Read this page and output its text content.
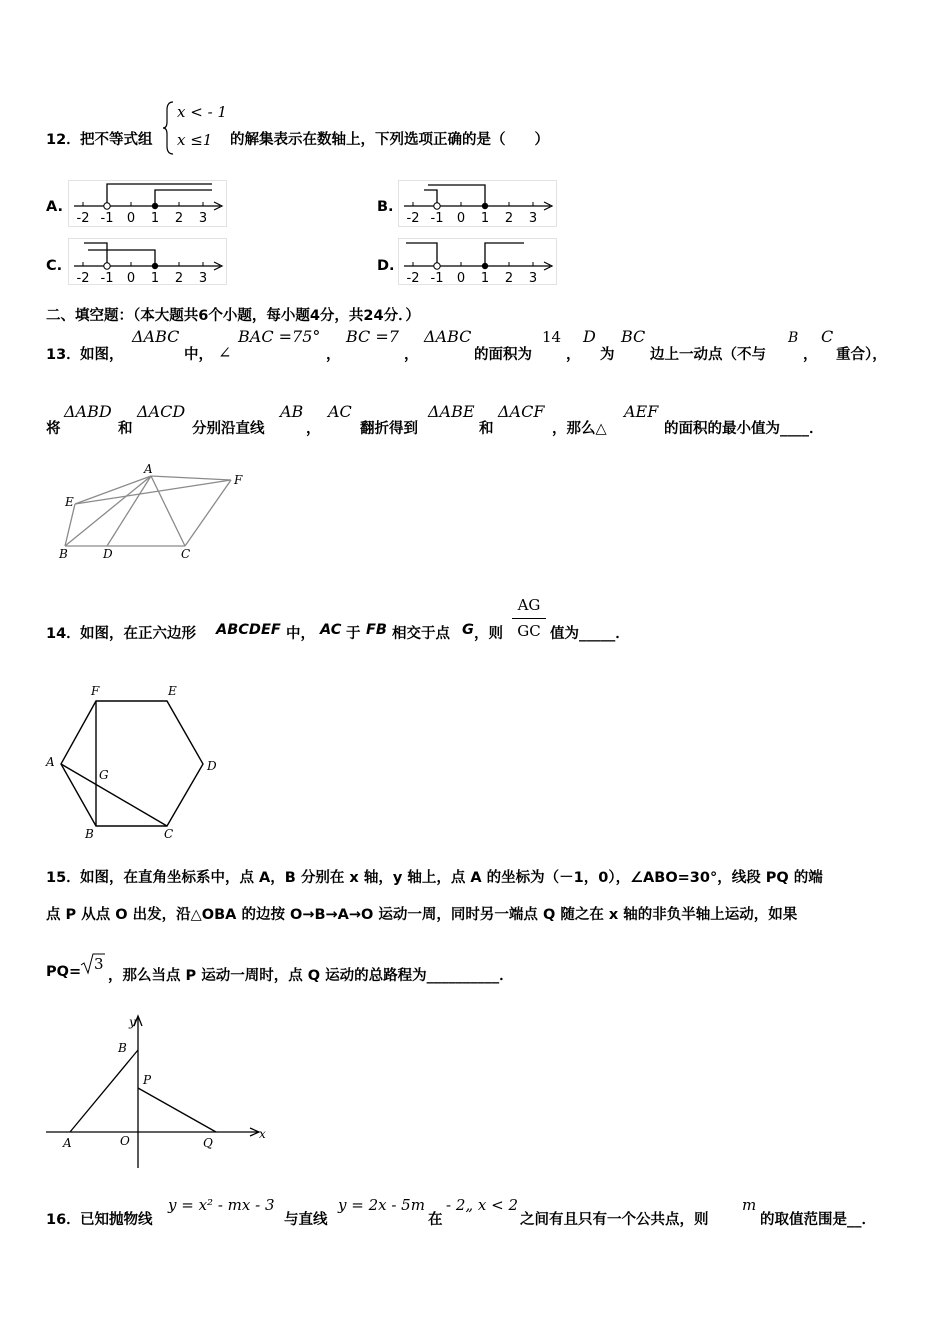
12． 把不等式组
x < - 1
x ≤1 的解集表示在数轴上，下列选项正确的是（　　）
A.	B.
C.	D.
-2 -1 0 1 2 3	-2 -1 0 1 2 3
-2 -1 0 1 2 3	-2 -1 0 1 2 3
二、填空题：（本大题共6个小题，每小题4分，共24分．）
13． 如图，
ΔABC
中， ∠
BAC =75°
，
BC =7
，
ΔABC
的面积为
14
，
D
为
BC
边上一动点（不与
B
，
C
重合），
将
ΔABD
和
ΔACD
分别沿直线
AB
，
AC
翻折得到
ΔABE
和
ΔACF
，那么△
AEF
的面积的最小值为____．
A
F
E
B	D	C
14． 如图，在正六边形 ABCDEF 中， AC 于 FB 相交于点 G ，则
AG
GC 值为_____．
F	E
D
A
G
B	C
15． 如图，在直角坐标系中，点 A，B 分别在 x 轴，y 轴上，点 A 的坐标为（－1，0），∠ABO=30°，线段 PQ 的端
点 P 从点 O 出发，沿△OBA 的边按 O→B→A→O 运动一周，同时另一端点 Q 随之在 x 轴的非负半轴上运动，如果
PQ= 3
，那么当点 P 运动一周时，点 Q 运动的总路程为__________．
y
x
B
P
A	O	Q
16． 已知抛物线
y = x² - mx - 3
与直线
y = 2x - 5m
在
- 2„ x < 2
之间有且只有一个公共点，则
m
的取值范围是__．
